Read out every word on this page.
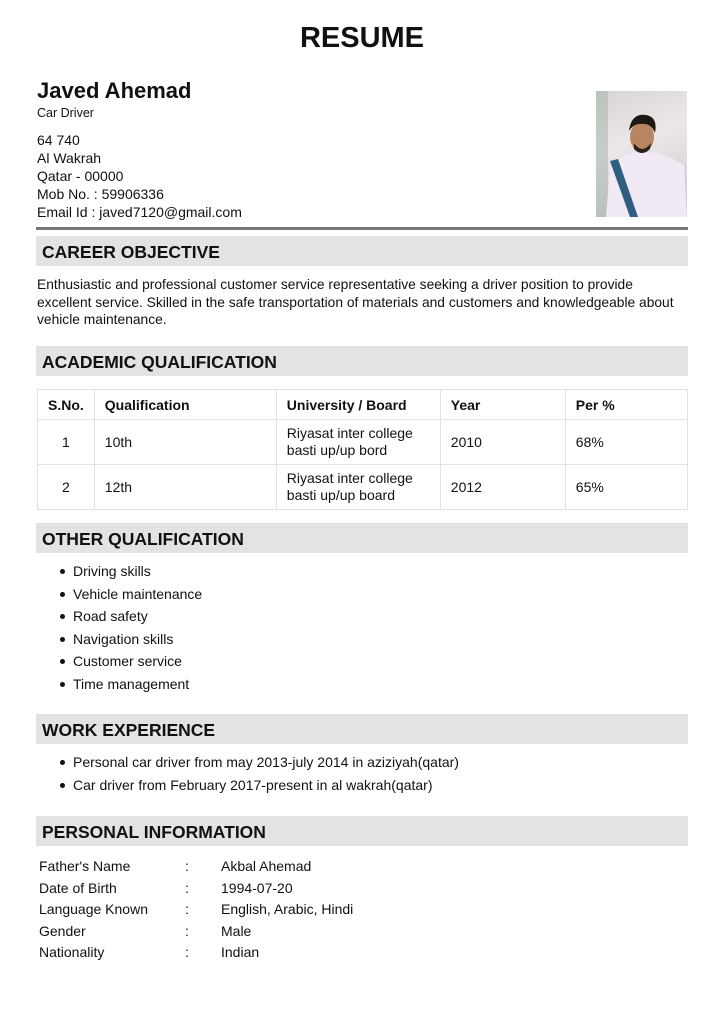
RESUME
Javed Ahemad
Car Driver
64 740
Al Wakrah
Qatar - 00000
Mob No. : 59906336
Email Id : javed7120@gmail.com
CAREER OBJECTIVE
Enthusiastic and professional customer service representative seeking a driver position to provide excellent service. Skilled in the safe transportation of materials and customers and knowledgeable about vehicle maintenance.
ACADEMIC QUALIFICATION
S.No.	Qualification	University / Board	Year	Per %
1	10th	Riyasat inter college basti up/up bord	2010	68%
2	12th	Riyasat inter college basti up/up board	2012	65%
OTHER QUALIFICATION
Driving skills
Vehicle maintenance
Road safety
Navigation skills
Customer service
Time management
WORK EXPERIENCE
Personal car driver from may 2013-july 2014 in aziziyah(qatar)
Car driver from February 2017-present in al wakrah(qatar)
PERSONAL INFORMATION
Father's Name	: Akbal Ahemad
Date of Birth	: 1994-07-20
Language Known	: English, Arabic, Hindi
Gender	: Male
Nationality	: Indian
